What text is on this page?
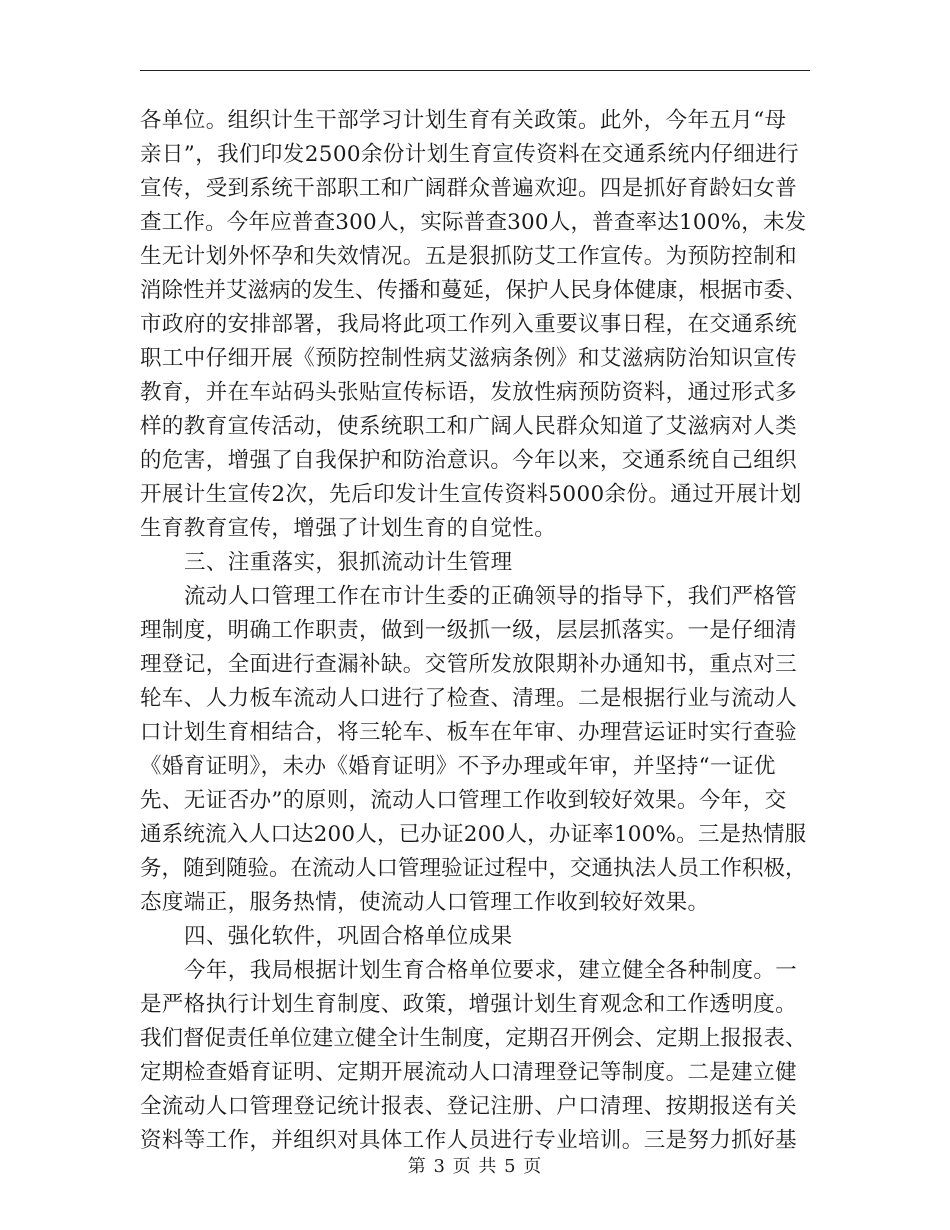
各单位。组织计生干部学习计划生育有关政策。此外，今年五月“母
亲日”，我们印发2500余份计划生育宣传资料在交通系统内仔细进行
宣传，受到系统干部职工和广阔群众普遍欢迎。四是抓好育龄妇女普
查工作。今年应普查300人，实际普查300人，普查率达100%，未发
生无计划外怀孕和失效情况。五是狠抓防艾工作宣传。为预防控制和
消除性并艾滋病的发生、传播和蔓延，保护人民身体健康，根据市委、
市政府的安排部署，我局将此项工作列入重要议事日程，在交通系统
职工中仔细开展《预防控制性病艾滋病条例》和艾滋病防治知识宣传
教育，并在车站码头张贴宣传标语，发放性病预防资料，通过形式多
样的教育宣传活动，使系统职工和广阔人民群众知道了艾滋病对人类
的危害，增强了自我保护和防治意识。今年以来，交通系统自己组织
开展计生宣传2次，先后印发计生宣传资料5000余份。通过开展计划
生育教育宣传，增强了计划生育的自觉性。
三、注重落实，狠抓流动计生管理
流动人口管理工作在市计生委的正确领导的指导下，我们严格管
理制度，明确工作职责，做到一级抓一级，层层抓落实。一是仔细清
理登记，全面进行查漏补缺。交管所发放限期补办通知书，重点对三
轮车、人力板车流动人口进行了检查、清理。二是根据行业与流动人
口计划生育相结合，将三轮车、板车在年审、办理营运证时实行查验
《婚育证明》，未办《婚育证明》不予办理或年审，并坚持“一证优
先、无证否办”的原则，流动人口管理工作收到较好效果。今年，交
通系统流入人口达200人，已办证200人，办证率100%。三是热情服
务，随到随验。在流动人口管理验证过程中，交通执法人员工作积极，
态度端正，服务热情，使流动人口管理工作收到较好效果。
四、强化软件，巩固合格单位成果
今年，我局根据计划生育合格单位要求，建立健全各种制度。一
是严格执行计划生育制度、政策，增强计划生育观念和工作透明度。
我们督促责任单位建立健全计生制度，定期召开例会、定期上报报表、
定期检查婚育证明、定期开展流动人口清理登记等制度。二是建立健
全流动人口管理登记统计报表、登记注册、户口清理、按期报送有关
资料等工作，并组织对具体工作人员进行专业培训。三是努力抓好基
第 3 页 共 5 页
